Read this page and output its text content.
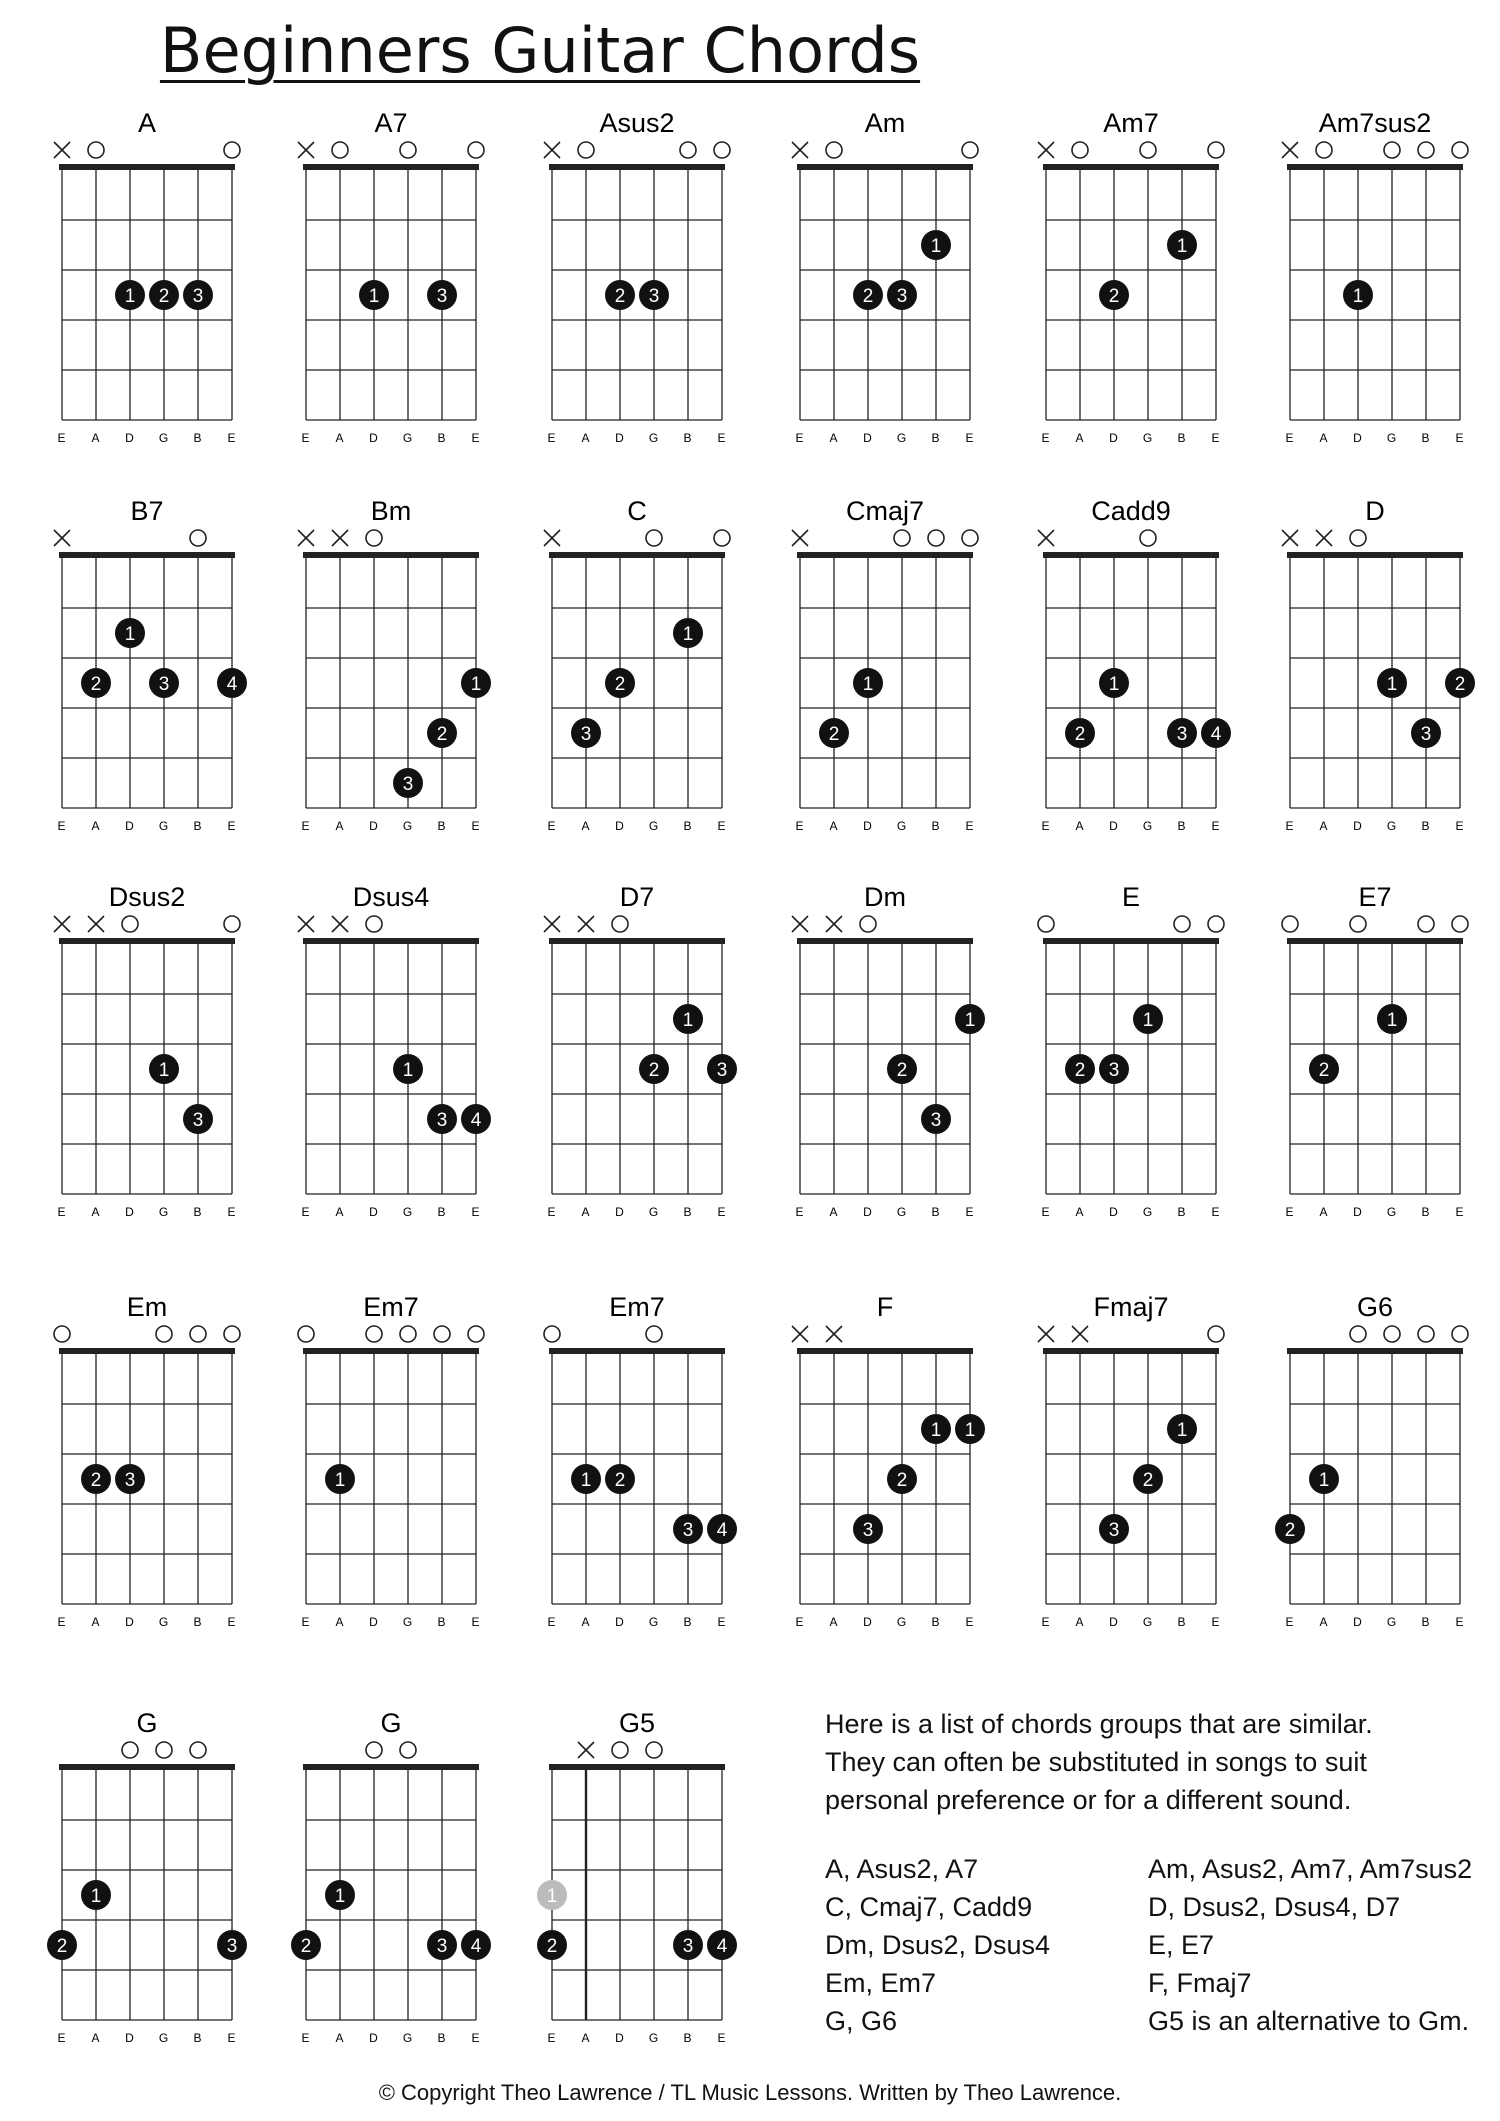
Beginners Guitar Chords
A
1 2 3
E A D G B E
A7
1	3
E A D G B E
Asus2
2 3
E A D G B E
Am
1
2 3
E A D G B E
Am7
1
2
E A D G B E
Am7sus2
1
E A D G B E
B7
1
2	3	4
E A D G B E
Bm
1
2
3
E A D G B E
C
1
2
3
E A D G B E
Cmaj7
1
2
E A D G B E
Cadd9
1
2	3 4
E A D G B E
D
1	2
3
E A D G B E
Dsus2
1
3
E A D G B E
Dsus4
1
3 4
E A D G B E
D7
1
2	3
E A D G B E
Dm
1
2
3
E A D G B E
E
1
2 3
E A D G B E
E7
1
2
E A D G B E
Em
2 3
E A D G B E
Em7
1
E A D G B E
Em7
1 2
3 4
E A D G B E
F
1 1
2
3
E A D G B E
Fmaj7
1
2
3
E A D G B E
G6
1
2
E A D G B E
G
1
2	3
E A D G B E
G
1
2	3 4
E A D G B E
G5
1
2	3 4
E A D G B E
Here is a list of chords groups that are similar.
They can often be substituted in songs to suit
personal preference or for a different sound.
A, Asus2, A7	Am, Asus2, Am7, Am7sus2
C, Cmaj7, Cadd9	D, Dsus2, Dsus4, D7
Dm, Dsus2, Dsus4	E, E7
Em, Em7	F, Fmaj7
G, G6	G5 is an alternative to Gm.
© Copyright Theo Lawrence / TL Music Lessons. Written by Theo Lawrence.
